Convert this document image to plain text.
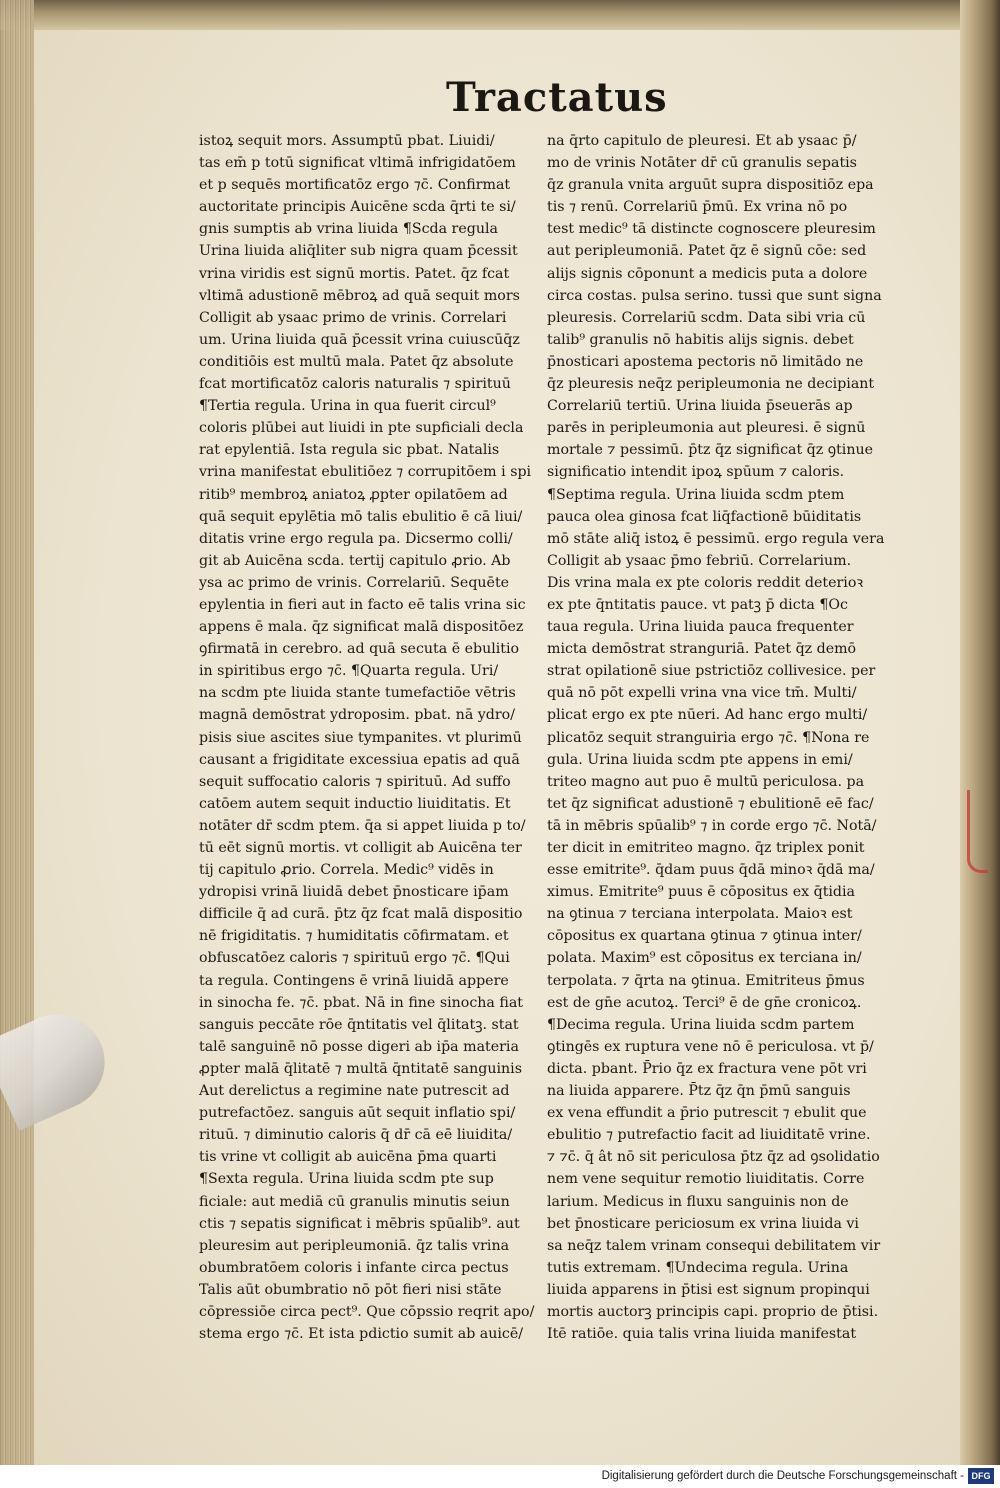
Tractatus
istoꝝ sequit mors. Assumptū pbat. Liuidi/
tas em̄ p totū significat vltimā infrigidatōem
et p sequēs mortificatōz ergo ⁊c̄. Confirmat
auctoritate principis Auicēne scda q̄rti te si/
gnis sumptis ab vrina liuida ¶Scda regula
Urina liuida aliq̄liter sub nigra quam p̄cessit
vrina viridis est signū mortis. Patet. q̄z fcat
vltimā adustionē mēbroꝝ ad quā sequit mors
Colligit ab ysaac primo de vrinis. Correlari
um. Urina liuida quā p̄cessit vrina cuiuscūq̄z
conditiōis est multū mala. Patet q̄z absolute
fcat mortificatōz caloris naturalis ⁊ spirituū
¶Tertia regula. Urina in qua fuerit circul⁹
coloris plūbei aut liuidi in pte supficiali decla
rat epylentiā. Ista regula sic pbat. Natalis
vrina manifestat ebulitiōez ⁊ corrupitōem i spi
ritib⁹ membroꝝ aniatoꝝ ꝓpter opilatōem ad
quā sequit epylētia mō talis ebulitio ē cā liui/
ditatis vrine ergo regula pa. Dicsermo colli/
git ab Auicēna scda. tertij capitulo ꝓrio. Ab
ysa ac primo de vrinis. Correlariū. Sequēte
epylentia in fieri aut in facto eē talis vrina sic
appens ē mala. q̄z significat malā dispositōez
ꝯfirmatā in cerebro. ad quā secuta ē ebulitio
in spiritibus ergo ⁊c̄. ¶Quarta regula. Uri/
na scdm pte liuida stante tumefactiōe vētris
magnā demōstrat ydroposim. pbat. nā ydro/
pisis siue ascites siue tympanites. vt plurimū
causant a frigiditate excessiua epatis ad quā
sequit suffocatio caloris ⁊ spirituū. Ad suffo
catōem autem sequit inductio liuiditatis. Et
notāter dr̄ scdm ptem. q̄a si appet liuida p to/
tū eēt signū mortis. vt colligit ab Auicēna ter
tij capitulo ꝓrio. Correla. Medic⁹ vidēs in
ydropisi vrinā liuidā debet p̄nosticare ip̄am
difficile q̄ ad curā. p̄tz q̄z fcat malā dispositio
nē frigiditatis. ⁊ humiditatis cōfirmatam. et
obfuscatōez caloris ⁊ spirituū ergo ⁊c̄. ¶Qui
ta regula. Contingens ē vrinā liuidā appere
in sinocha fe. ⁊c̄. pbat. Nā in fine sinocha fiat
sanguis peccāte rōe q̄ntitatis vel q̄litatꝫ. stat
talē sanguinē nō posse digeri ab ip̄a materia
ꝓpter malā q̄litatē ⁊ multā q̄ntitatē sanguinis
Aut derelictus a regimine nate putrescit ad
putrefactōez. sanguis aūt sequit inflatio spi/
rituū. ⁊ diminutio caloris q̄ dr̄ cā eē liuidita/
tis vrine vt colligit ab auicēna p̄ma quarti
¶Sexta regula. Urina liuida scdm pte sup
ficiale: aut mediā cū granulis minutis seiun
ctis ⁊ sepatis significat i mēbris spūalib⁹. aut
pleuresim aut peripleumoniā. q̄z talis vrina
obumbratōem coloris i infante circa pectus
Talis aūt obumbratio nō pōt fieri nisi stāte
cōpressiōe circa pect⁹. Que cōpssio reqrit apo/
stema ergo ⁊c̄. Et ista pdictio sumit ab auicē/
na q̄rto capitulo de pleuresi. Et ab ysaac p̄/
mo de vrinis Notāter dr̄ cū granulis sepatis
q̄z granula vnita arguūt supra dispositiōz epa
tis ⁊ renū. Correlariū p̄mū. Ex vrina nō po
test medic⁹ tā distincte cognoscere pleuresim
aut peripleumoniā. Patet q̄z ē signū cōe: sed
alijs signis cōponunt a medicis puta a dolore
circa costas. pulsa serino. tussi que sunt signa
pleuresis. Correlariū scdm. Data sibi vria cū
talib⁹ granulis nō habitis alijs signis. debet
p̄nosticari apostema pectoris nō limitādo ne
q̄z pleuresis neq̄z peripleumonia ne decipiant
Correlariū tertiū. Urina liuida p̄seuerās ap
parēs in peripleumonia aut pleuresi. ē signū
mortale ⁊ pessimū. p̄tz q̄z significat q̄z ꝯtinue
significatio intendit ipoꝝ spūum ⁊ caloris.
¶Septima regula. Urina liuida scdm ptem
pauca olea ginosa fcat liq̄factionē būiditatis
mō stāte aliq̄ istoꝝ ē pessimū. ergo regula vera
Colligit ab ysaac p̄mo febriū. Correlarium.
Dis vrina mala ex pte coloris reddit deterioꝛ
ex pte q̄ntitatis pauce. vt patꝫ p̄ dicta ¶Oc
taua regula. Urina liuida pauca frequenter
micta demōstrat stranguriā. Patet q̄z demō
strat opilationē siue pstrictiōz collivesice. per
quā nō pōt expelli vrina vna vice tm̄. Multi/
plicat ergo ex pte nūeri. Ad hanc ergo multi/
plicatōz sequit stranguiria ergo ⁊c̄. ¶Nona re
gula. Urina liuida scdm pte appens in emi/
triteo magno aut puo ē multū periculosa. pa
tet q̄z significat adustionē ⁊ ebulitionē eē fac/
tā in mēbris spūalib⁹ ⁊ in corde ergo ⁊c̄. Notā/
ter dicit in emitriteo magno. q̄z triplex ponit
esse emitrite⁹. q̄dam puus q̄dā minoꝛ q̄dā ma/
ximus. Emitrite⁹ puus ē cōpositus ex q̄tidia
na ꝯtinua ⁊ terciana interpolata. Maioꝛ est
cōpositus ex quartana ꝯtinua ⁊ ꝯtinua inter/
polata. Maxim⁹ est cōpositus ex terciana in/
terpolata. ⁊ q̄rta na ꝯtinua. Emitriteus p̄mus
est de gn̄e acutoꝝ. Terci⁹ ē de gn̄e cronicoꝝ.
¶Decima regula. Urina liuida scdm partem
ꝯtingēs ex ruptura vene nō ē periculosa. vt p̄/
dicta. pbant. P̄rio q̄z ex fractura vene pōt vri
na liuida apparere. P̄tz q̄z q̄n p̄mū sanguis
ex vena effundit a p̄rio putrescit ⁊ ebulit que
ebulitio ⁊ putrefactio facit ad liuiditatē vrine.
⁊ ⁊c̄. q̄ ât nō sit periculosa p̄tz q̄z ad ꝯsolidatio
nem vene sequitur remotio liuiditatis. Corre
larium. Medicus in fluxu sanguinis non de
bet p̄nosticare periciosum ex vrina liuida vi
sa neq̄z talem vrinam consequi debilitatem vir
tutis extremam. ¶Undecima regula. Urina
liuida apparens in p̄tisi est signum propinqui
mortis auctorꝫ principis capi. proprio de p̄tisi.
Itē ratiōe. quia talis vrina liuida manifestat
Digitalisierung gefördert durch die Deutsche Forschungsgemeinschaft - DFG
